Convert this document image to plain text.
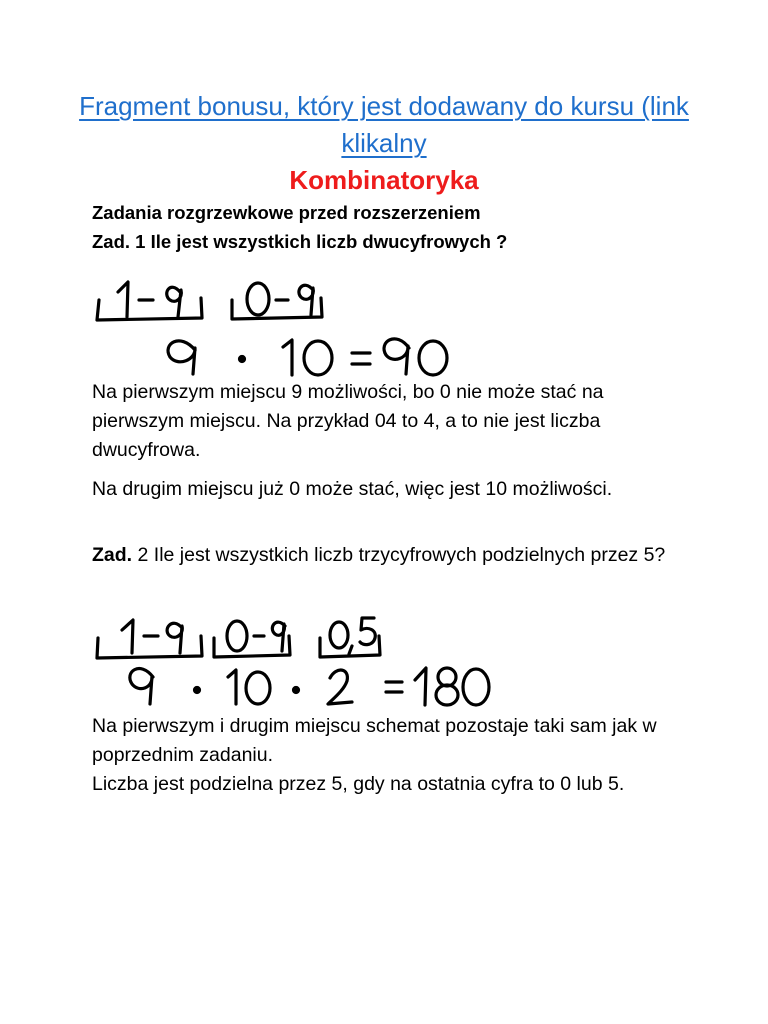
Fragment bonusu, który jest dodawany do kursu (link klikalny
Kombinatoryka
Zadania rozgrzewkowe przed rozszerzeniem
Zad. 1 Ile jest wszystkich liczb dwucyfrowych ?
Na pierwszym miejscu 9 możliwości, bo 0 nie może stać na pierwszym miejscu. Na przykład 04 to 4, a to nie jest liczba dwucyfrowa.
Na drugim miejscu już 0 może stać, więc jest 10 możliwości.
Zad. 2 Ile jest wszystkich liczb trzycyfrowych podzielnych przez 5?
Na pierwszym i drugim miejscu schemat pozostaje taki sam jak w poprzednim zadaniu.
Liczba jest podzielna przez 5, gdy na ostatnia cyfra to 0 lub 5.
